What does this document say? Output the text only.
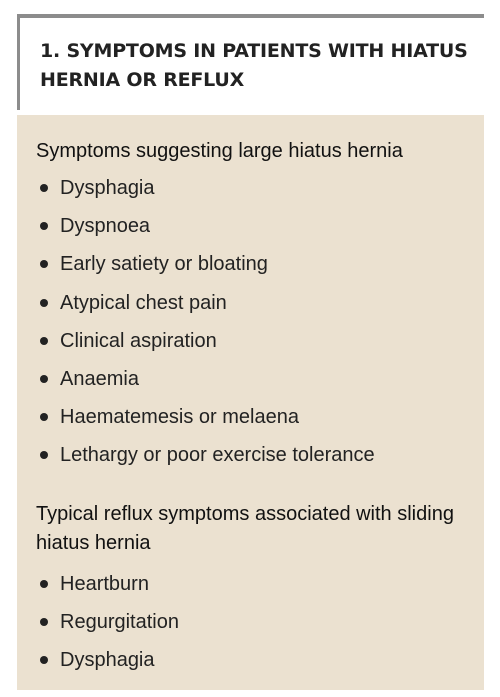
1. SYMPTOMS IN PATIENTS WITH HIATUS HERNIA OR REFLUX
Symptoms suggesting large hiatus hernia
Dysphagia
Dyspnoea
Early satiety or bloating
Atypical chest pain
Clinical aspiration
Anaemia
Haematemesis or melaena
Lethargy or poor exercise tolerance
Typical reflux symptoms associated with sliding hiatus hernia
Heartburn
Regurgitation
Dysphagia
